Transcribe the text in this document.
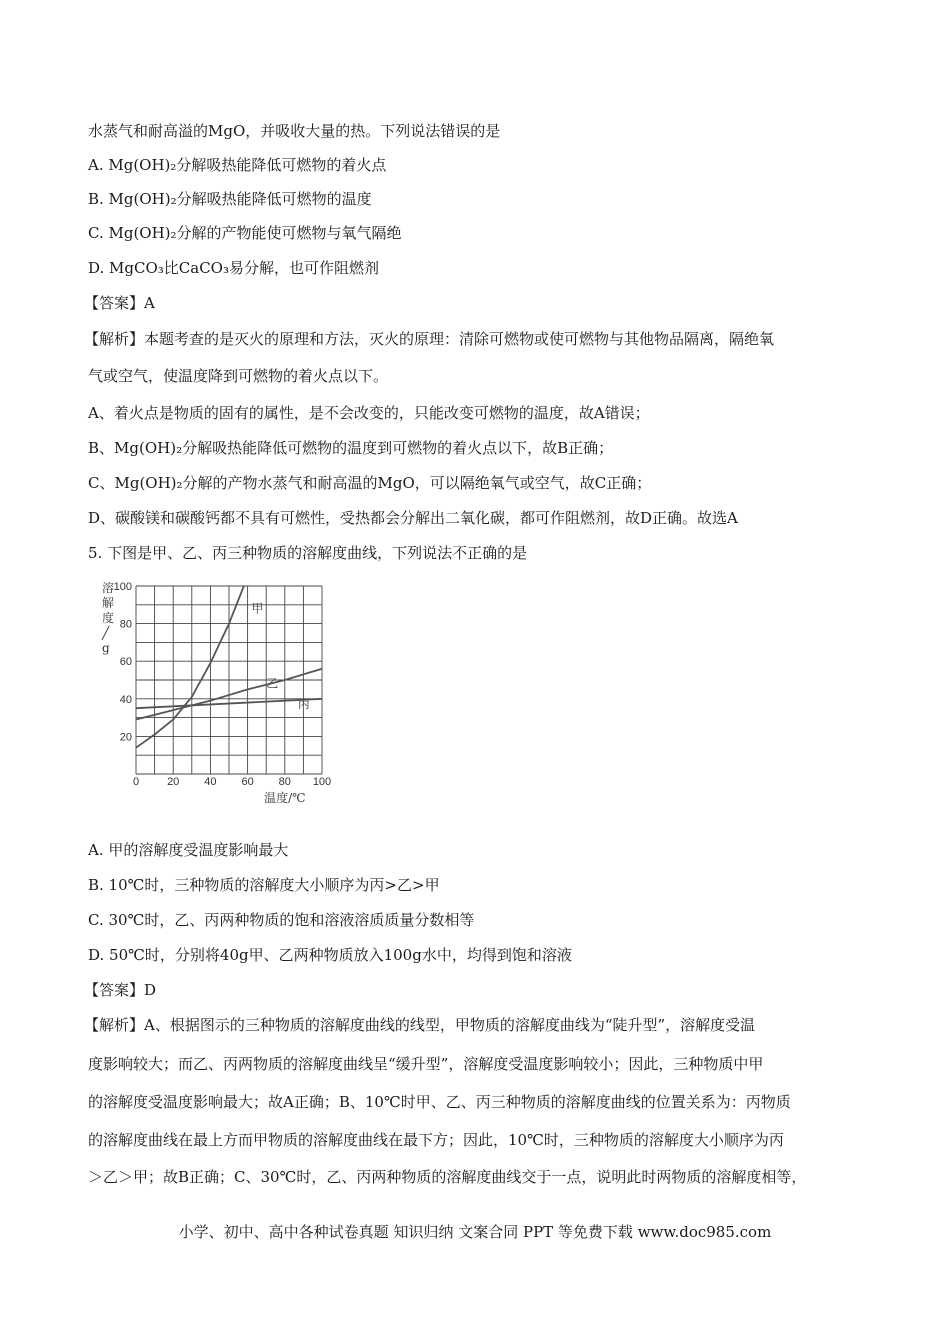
水蒸气和耐高溢的MgO，并吸收大量的热。下列说法错误的是
A. Mg(OH)₂分解吸热能降低可燃物的着火点
B. Mg(OH)₂分解吸热能降低可燃物的温度
C. Mg(OH)₂分解的产物能使可燃物与氧气隔绝
D. MgCO₃比CaCO₃易分解，也可作阻燃剂
【答案】A
【解析】本题考查的是灭火的原理和方法，灭火的原理：清除可燃物或使可燃物与其他物品隔离，隔绝氧
气或空气，使温度降到可燃物的着火点以下。
A、着火点是物质的固有的属性，是不会改变的，只能改变可燃物的温度，故A错误；
B、Mg(OH)₂分解吸热能降低可燃物的温度到可燃物的着火点以下，故B正确；
C、Mg(OH)₂分解的产物水蒸气和耐高温的MgO，可以隔绝氧气或空气，故C正确；
D、碳酸镁和碳酸钙都不具有可燃性，受热都会分解出二氧化碳，都可作阻燃剂，故D正确。故选A
5. 下图是甲、乙、丙三种物质的溶解度曲线，下列说法不正确的是
甲
乙
丙
0	20 40 60 80 100
20
40
60
80
100
溶解度╱ g
温度/℃
A. 甲的溶解度受温度影响最大
B. 10℃时，三种物质的溶解度大小顺序为丙>乙>甲
C. 30℃时，乙、丙两种物质的饱和溶液溶质质量分数相等
D. 50℃时，分别将40g甲、乙两种物质放入100g水中，均得到饱和溶液
【答案】D
【解析】A、根据图示的三种物质的溶解度曲线的线型，甲物质的溶解度曲线为“陡升型”，溶解度受温
度影响较大；而乙、丙两物质的溶解度曲线呈“缓升型”，溶解度受温度影响较小；因此，三种物质中甲
的溶解度受温度影响最大；故A正确；B、10℃时甲、乙、丙三种物质的溶解度曲线的位置关系为：丙物质
的溶解度曲线在最上方而甲物质的溶解度曲线在最下方；因此，10℃时，三种物质的溶解度大小顺序为丙
＞乙＞甲；故B正确；C、30℃时，乙、丙两种物质的溶解度曲线交于一点，说明此时两物质的溶解度相等，
小学、初中、高中各种试卷真题 知识归纳 文案合同 PPT 等免费下载 www.doc985.com
